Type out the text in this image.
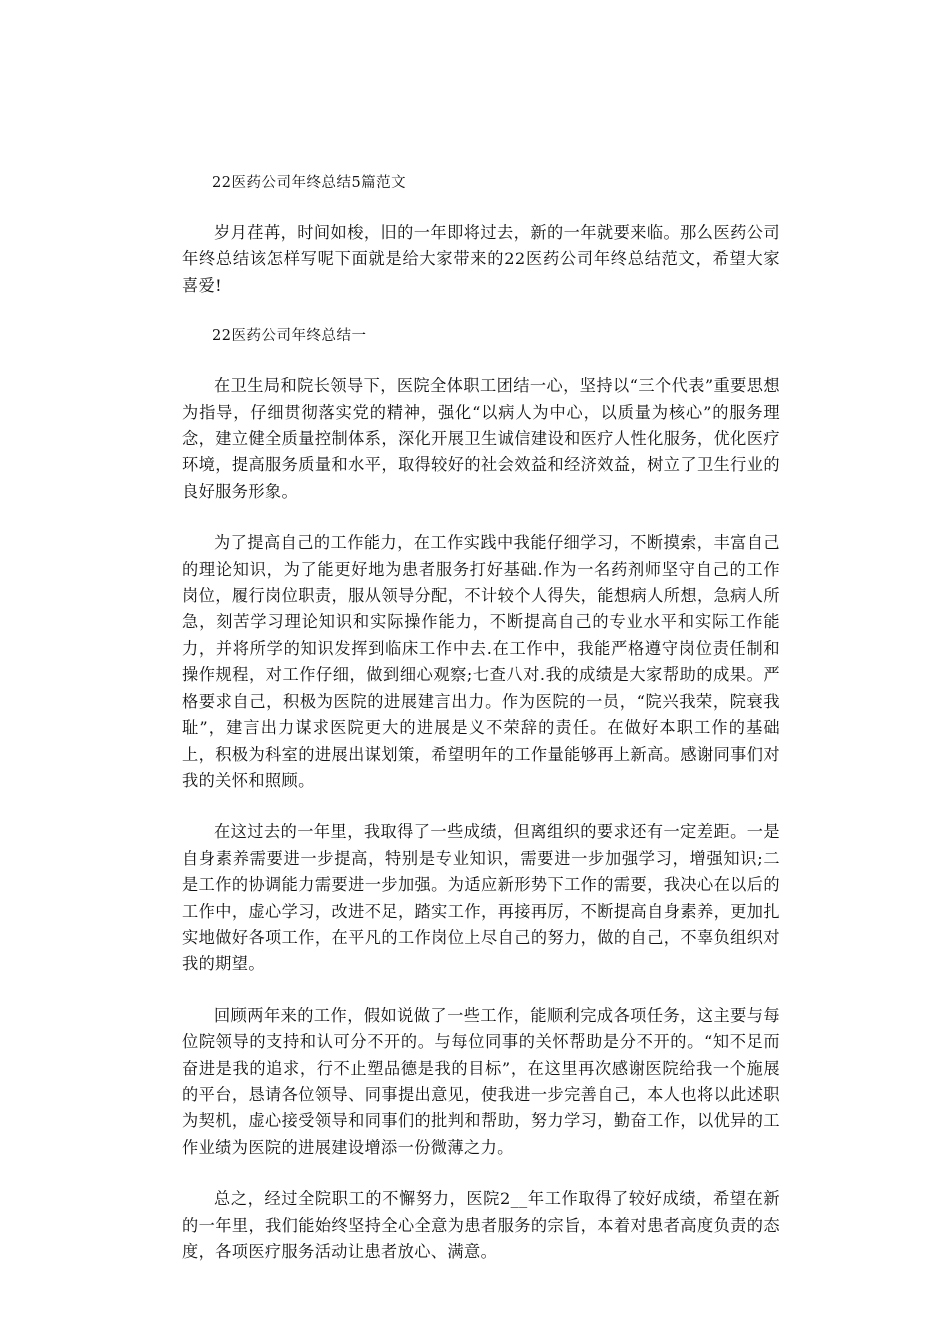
22医药公司年终总结5篇范文

岁月荏苒，时间如梭，旧的一年即将过去，新的一年就要来临。那么医药公司年终总结该怎样写呢下面就是给大家带来的22医药公司年终总结范文，希望大家喜爱!

22医药公司年终总结一

在卫生局和院长领导下，医院全体职工团结一心，坚持以“三个代表”重要思想为指导，仔细贯彻落实党的精神，强化“以病人为中心，以质量为核心”的服务理念，建立健全质量控制体系，深化开展卫生诚信建设和医疗人性化服务，优化医疗环境，提高服务质量和水平，取得较好的社会效益和经济效益，树立了卫生行业的良好服务形象。

为了提高自己的工作能力，在工作实践中我能仔细学习，不断摸索，丰富自己的理论知识，为了能更好地为患者服务打好基础.作为一名药剂师坚守自己的工作岗位，履行岗位职责，服从领导分配，不计较个人得失，能想病人所想，急病人所急，刻苦学习理论知识和实际操作能力，不断提高自己的专业水平和实际工作能力，并将所学的知识发挥到临床工作中去.在工作中，我能严格遵守岗位责任制和操作规程，对工作仔细，做到细心观察;七查八对.我的成绩是大家帮助的成果。严格要求自己，积极为医院的进展建言出力。作为医院的一员，“院兴我荣，院衰我耻”，建言出力谋求医院更大的进展是义不荣辞的责任。在做好本职工作的基础上，积极为科室的进展出谋划策，希望明年的工作量能够再上新高。感谢同事们对我的关怀和照顾。

在这过去的一年里，我取得了一些成绩，但离组织的要求还有一定差距。一是自身素养需要进一步提高，特别是专业知识，需要进一步加强学习，增强知识;二是工作的协调能力需要进一步加强。为适应新形势下工作的需要，我决心在以后的工作中，虚心学习，改进不足，踏实工作，再接再厉，不断提高自身素养，更加扎实地做好各项工作，在平凡的工作岗位上尽自己的努力，做的自己，不辜负组织对我的期望。

回顾两年来的工作，假如说做了一些工作，能顺利完成各项任务，这主要与每位院领导的支持和认可分不开的。与每位同事的关怀帮助是分不开的。“知不足而奋进是我的追求，行不止塑品德是我的目标”，在这里再次感谢医院给我一个施展的平台，恳请各位领导、同事提出意见，使我进一步完善自己，本人也将以此述职为契机，虚心接受领导和同事们的批判和帮助，努力学习，勤奋工作，以优异的工作业绩为医院的进展建设增添一份微薄之力。

总之，经过全院职工的不懈努力，医院2__年工作取得了较好成绩，希望在新的一年里，我们能始终坚持全心全意为患者服务的宗旨，本着对患者高度负责的态度，各项医疗服务活动让患者放心、满意。
